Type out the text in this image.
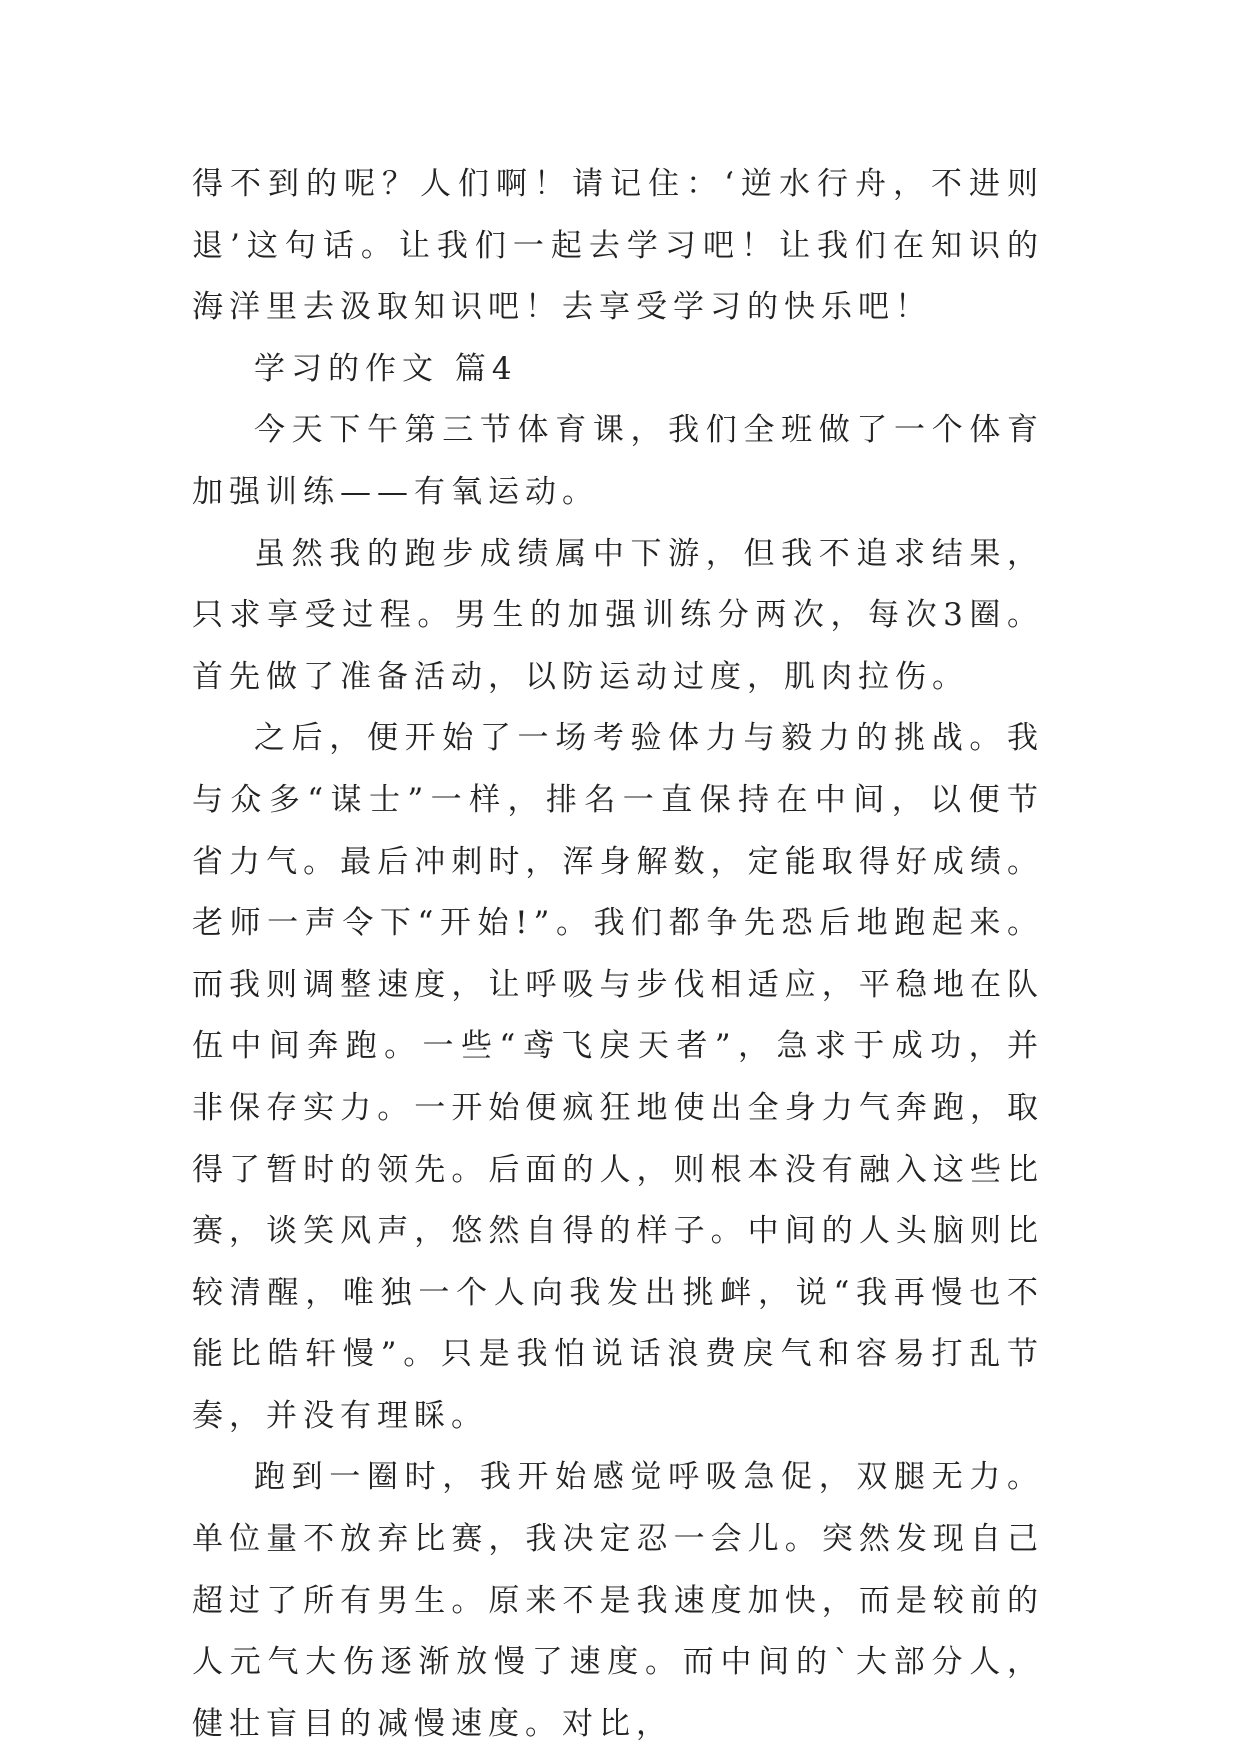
得不到的呢？人们啊！请记住：‘逆水行舟，不进则退’这句话。让我们一起去学习吧！让我们在知识的海洋里去汲取知识吧！去享受学习的快乐吧！

学习的作文 篇4

今天下午第三节体育课，我们全班做了一个体育加强训练——有氧运动。

虽然我的跑步成绩属中下游，但我不追求结果，只求享受过程。男生的加强训练分两次，每次3圈。首先做了准备活动，以防运动过度，肌肉拉伤。

之后，便开始了一场考验体力与毅力的挑战。我与众多“谋士”一样，排名一直保持在中间，以便节省力气。最后冲刺时，浑身解数，定能取得好成绩。老师一声令下“开始!”。我们都争先恐后地跑起来。而我则调整速度，让呼吸与步伐相适应，平稳地在队伍中间奔跑。一些“鸢飞戾天者”，急求于成功，并非保存实力。一开始便疯狂地使出全身力气奔跑，取得了暂时的领先。后面的人，则根本没有融入这些比赛，谈笑风声，悠然自得的样子。中间的人头脑则比较清醒，唯独一个人向我发出挑衅，说“我再慢也不能比皓轩慢”。只是我怕说话浪费戾气和容易打乱节奏，并没有理睬。

跑到一圈时，我开始感觉呼吸急促，双腿无力。单位量不放弃比赛，我决定忍一会儿。突然发现自己超过了所有男生。原来不是我速度加快，而是较前的人元气大伤逐渐放慢了速度。而中间的`大部分人，健壮盲目的减慢速度。对比，
